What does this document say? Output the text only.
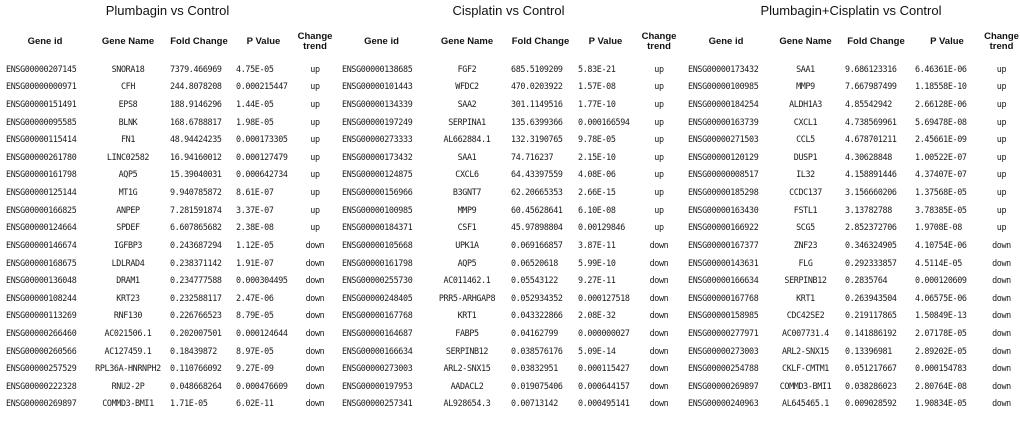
Plumbagin vs Control
Gene id	Gene Name	Fold Change	P Value	Change trend
ENSG00000207145	SNORA18	7379.466969	4.75E-05	up
ENSG00000000971	CFH	244.8078208	0.000215447	up
ENSG00000151491	EPS8	188.9146296	1.44E-05	up
ENSG00000095585	BLNK	168.6788817	1.98E-05	up
ENSG00000115414	FN1	48.94424235	0.000173305	up
ENSG00000261780	LINC02582	16.94160012	0.000127479	up
ENSG00000161798	AQP5	15.39040031	0.000642734	up
ENSG00000125144	MT1G	9.940785872	8.61E-07	up
ENSG00000166825	ANPEP	7.281591874	3.37E-07	up
ENSG00000124664	SPDEF	6.607865682	2.38E-08	up
ENSG00000146674	IGFBP3	0.243687294	1.12E-05	down
ENSG00000168675	LDLRAD4	0.238371142	1.91E-07	down
ENSG00000136048	DRAM1	0.234777588	0.000304495	down
ENSG00000108244	KRT23	0.232588117	2.47E-06	down
ENSG00000113269	RNF130	0.226766523	8.79E-05	down
ENSG00000266460	AC021506.1	0.202007501	0.000124644	down
ENSG00000260566	AC127459.1	0.18439872	8.97E-05	down
ENSG00000257529	RPL36A-HNRNPH2	0.110766092	9.27E-09	down
ENSG00000222328	RNU2-2P	0.048668264	0.000476609	down
ENSG00000269897	COMMD3-BMI1	1.71E-05	6.02E-11	down
Cisplatin vs Control
Gene id	Gene Name	Fold Change	P Value	Change trend
ENSG00000138685	FGF2	685.5109209	5.83E-21	up
ENSG00000101443	WFDC2	470.0203922	1.57E-08	up
ENSG00000134339	SAA2	301.1149516	1.77E-10	up
ENSG00000197249	SERPINA1	135.6399366	0.000166594	up
ENSG00000273333	AL662884.1	132.3190765	9.78E-05	up
ENSG00000173432	SAA1	74.716237	2.15E-10	up
ENSG00000124875	CXCL6	64.43397559	4.08E-06	up
ENSG00000156966	B3GNT7	62.20665353	2.66E-15	up
ENSG00000100985	MMP9	60.45628641	6.10E-08	up
ENSG00000184371	CSF1	45.97898804	0.00129846	up
ENSG00000105668	UPK1A	0.069166857	3.87E-11	down
ENSG00000161798	AQP5	0.06520618	5.99E-10	down
ENSG00000255730	AC011462.1	0.05543122	9.27E-11	down
ENSG00000248405	PRR5-ARHGAP8	0.052934352	0.000127518	down
ENSG00000167768	KRT1	0.043322866	2.08E-32	down
ENSG00000164687	FABP5	0.04162799	0.000000027	down
ENSG00000166634	SERPINB12	0.038576176	5.09E-14	down
ENSG00000273003	ARL2-SNX15	0.03832951	0.000115427	down
ENSG00000197953	AADACL2	0.019075406	0.000644157	down
ENSG00000257341	AL928654.3	0.00713142	0.000495141	down
Plumbagin+Cisplatin vs Control
Gene id	Gene Name	Fold Change	P Value	Change trend
ENSG00000173432	SAA1	9.686123316	6.46361E-06	up
ENSG00000100985	MMP9	7.667987499	1.18558E-10	up
ENSG00000184254	ALDH1A3	4.85542942	2.66128E-06	up
ENSG00000163739	CXCL1	4.738569961	5.69478E-08	up
ENSG00000271503	CCL5	4.678701211	2.45661E-09	up
ENSG00000120129	DUSP1	4.30628848	1.00522E-07	up
ENSG00000008517	IL32	4.158891446	4.37407E-07	up
ENSG00000185298	CCDC137	3.156660206	1.37568E-05	up
ENSG00000163430	FSTL1	3.13782788	3.78385E-05	up
ENSG00000166922	SCG5	2.852372706	1.9708E-08	up
ENSG00000167377	ZNF23	0.346324905	4.10754E-06	down
ENSG00000143631	FLG	0.292333857	4.5114E-05	down
ENSG00000166634	SERPINB12	0.2835764	0.000120609	down
ENSG00000167768	KRT1	0.263943504	4.06575E-06	down
ENSG00000158985	CDC42SE2	0.219117865	1.50849E-13	down
ENSG00000277971	AC007731.4	0.141886192	2.07178E-05	down
ENSG00000273003	ARL2-SNX15	0.13396981	2.89202E-05	down
ENSG00000254788	CKLF-CMTM1	0.051217667	0.000154783	down
ENSG00000269897	COMMD3-BMI1	0.038286023	2.80764E-08	down
ENSG00000240963	AL645465.1	0.009028592	1.90834E-05	down
